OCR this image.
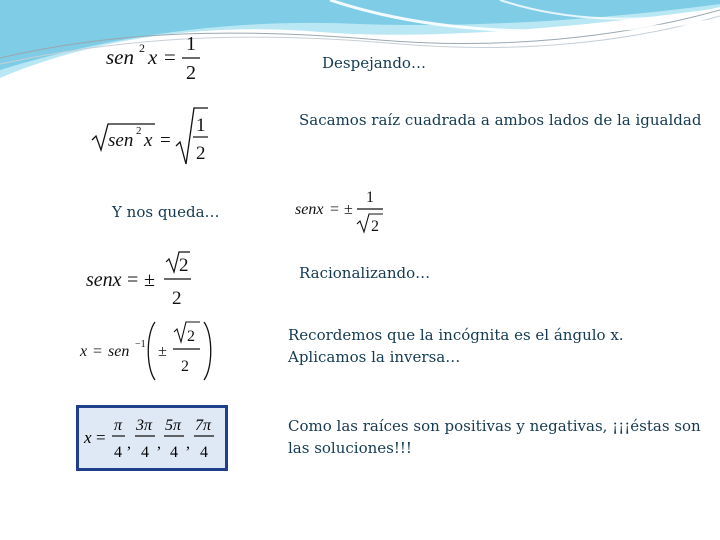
sen 2 x =
1
2	Despejando…
sen 2 x =
1
2
Sacamos raíz cuadrada a ambos lados de la igualdad
Y nos queda…	senx = ±
1
2
senx = ±
2
2
Racionalizando…
x = sen −1 ±
2
2
Recordemos que la incógnita es el ángulo x.
Aplicamos la inversa…
x =
π
4
,
3π
4
,
5π
4
,
7π
4
Como las raíces son positivas y negativas, ¡¡¡éstas son
las soluciones!!!
